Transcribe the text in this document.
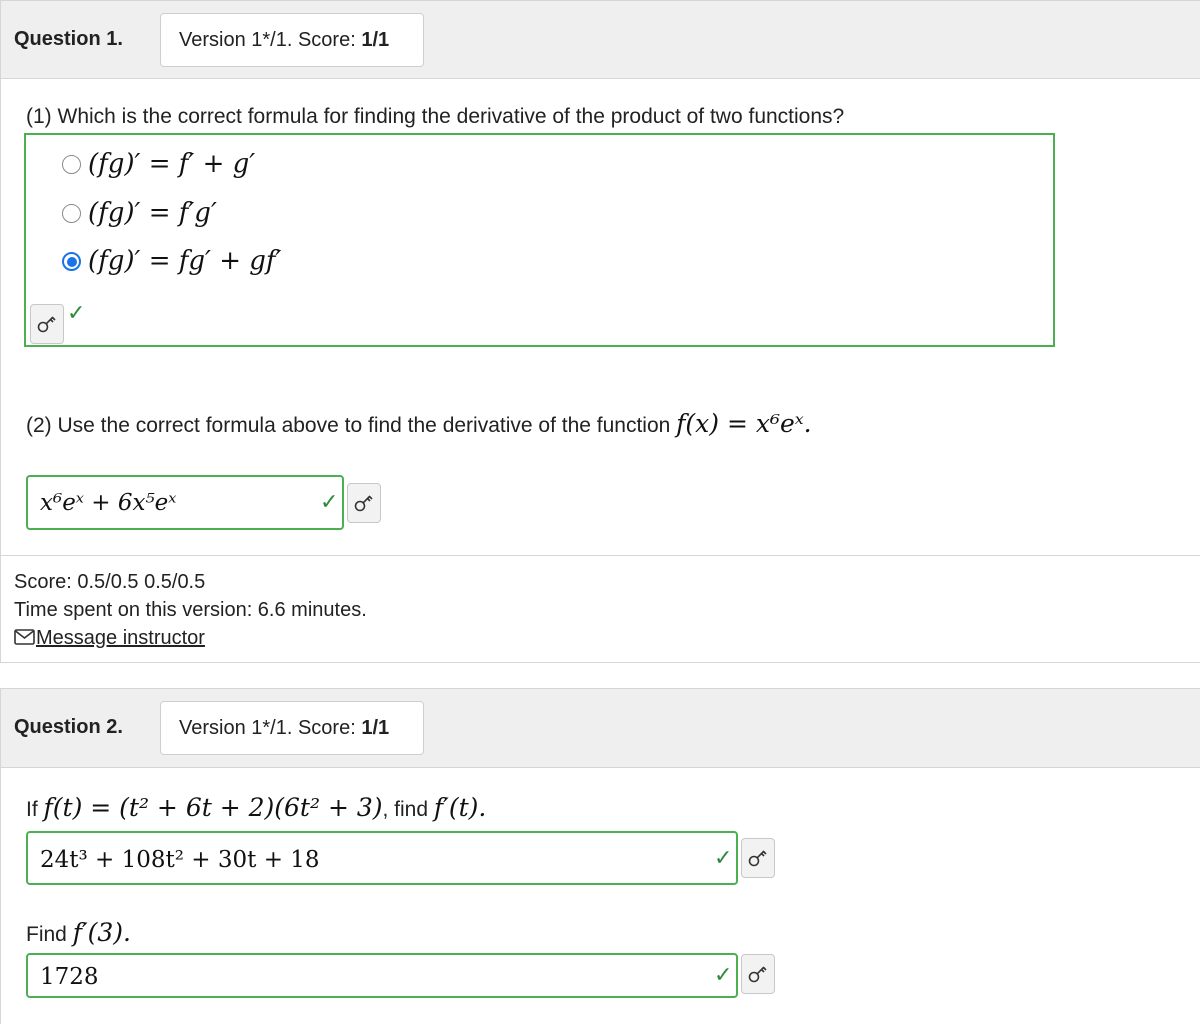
Question 1.	Version 1*/1. Score: 1/1
(1) Which is the correct formula for finding the derivative of the product of two functions?
(fg)′ = f′ + g′
(fg)′ = f′g′
(fg)′ = fg′ + gf′
✓
(2) Use the correct formula above to find the derivative of the function f(x) = x⁶eˣ.
x⁶eˣ + 6x⁵eˣ	✓
Score: 0.5/0.5 0.5/0.5
Time spent on this version: 6.6 minutes.
Message instructor
Question 2.	Version 1*/1. Score: 1/1
If f(t) = (t² + 6t + 2)(6t² + 3), find f′(t).
24t³ + 108t² + 30t + 18	✓
Find f′(3).
1728	✓
